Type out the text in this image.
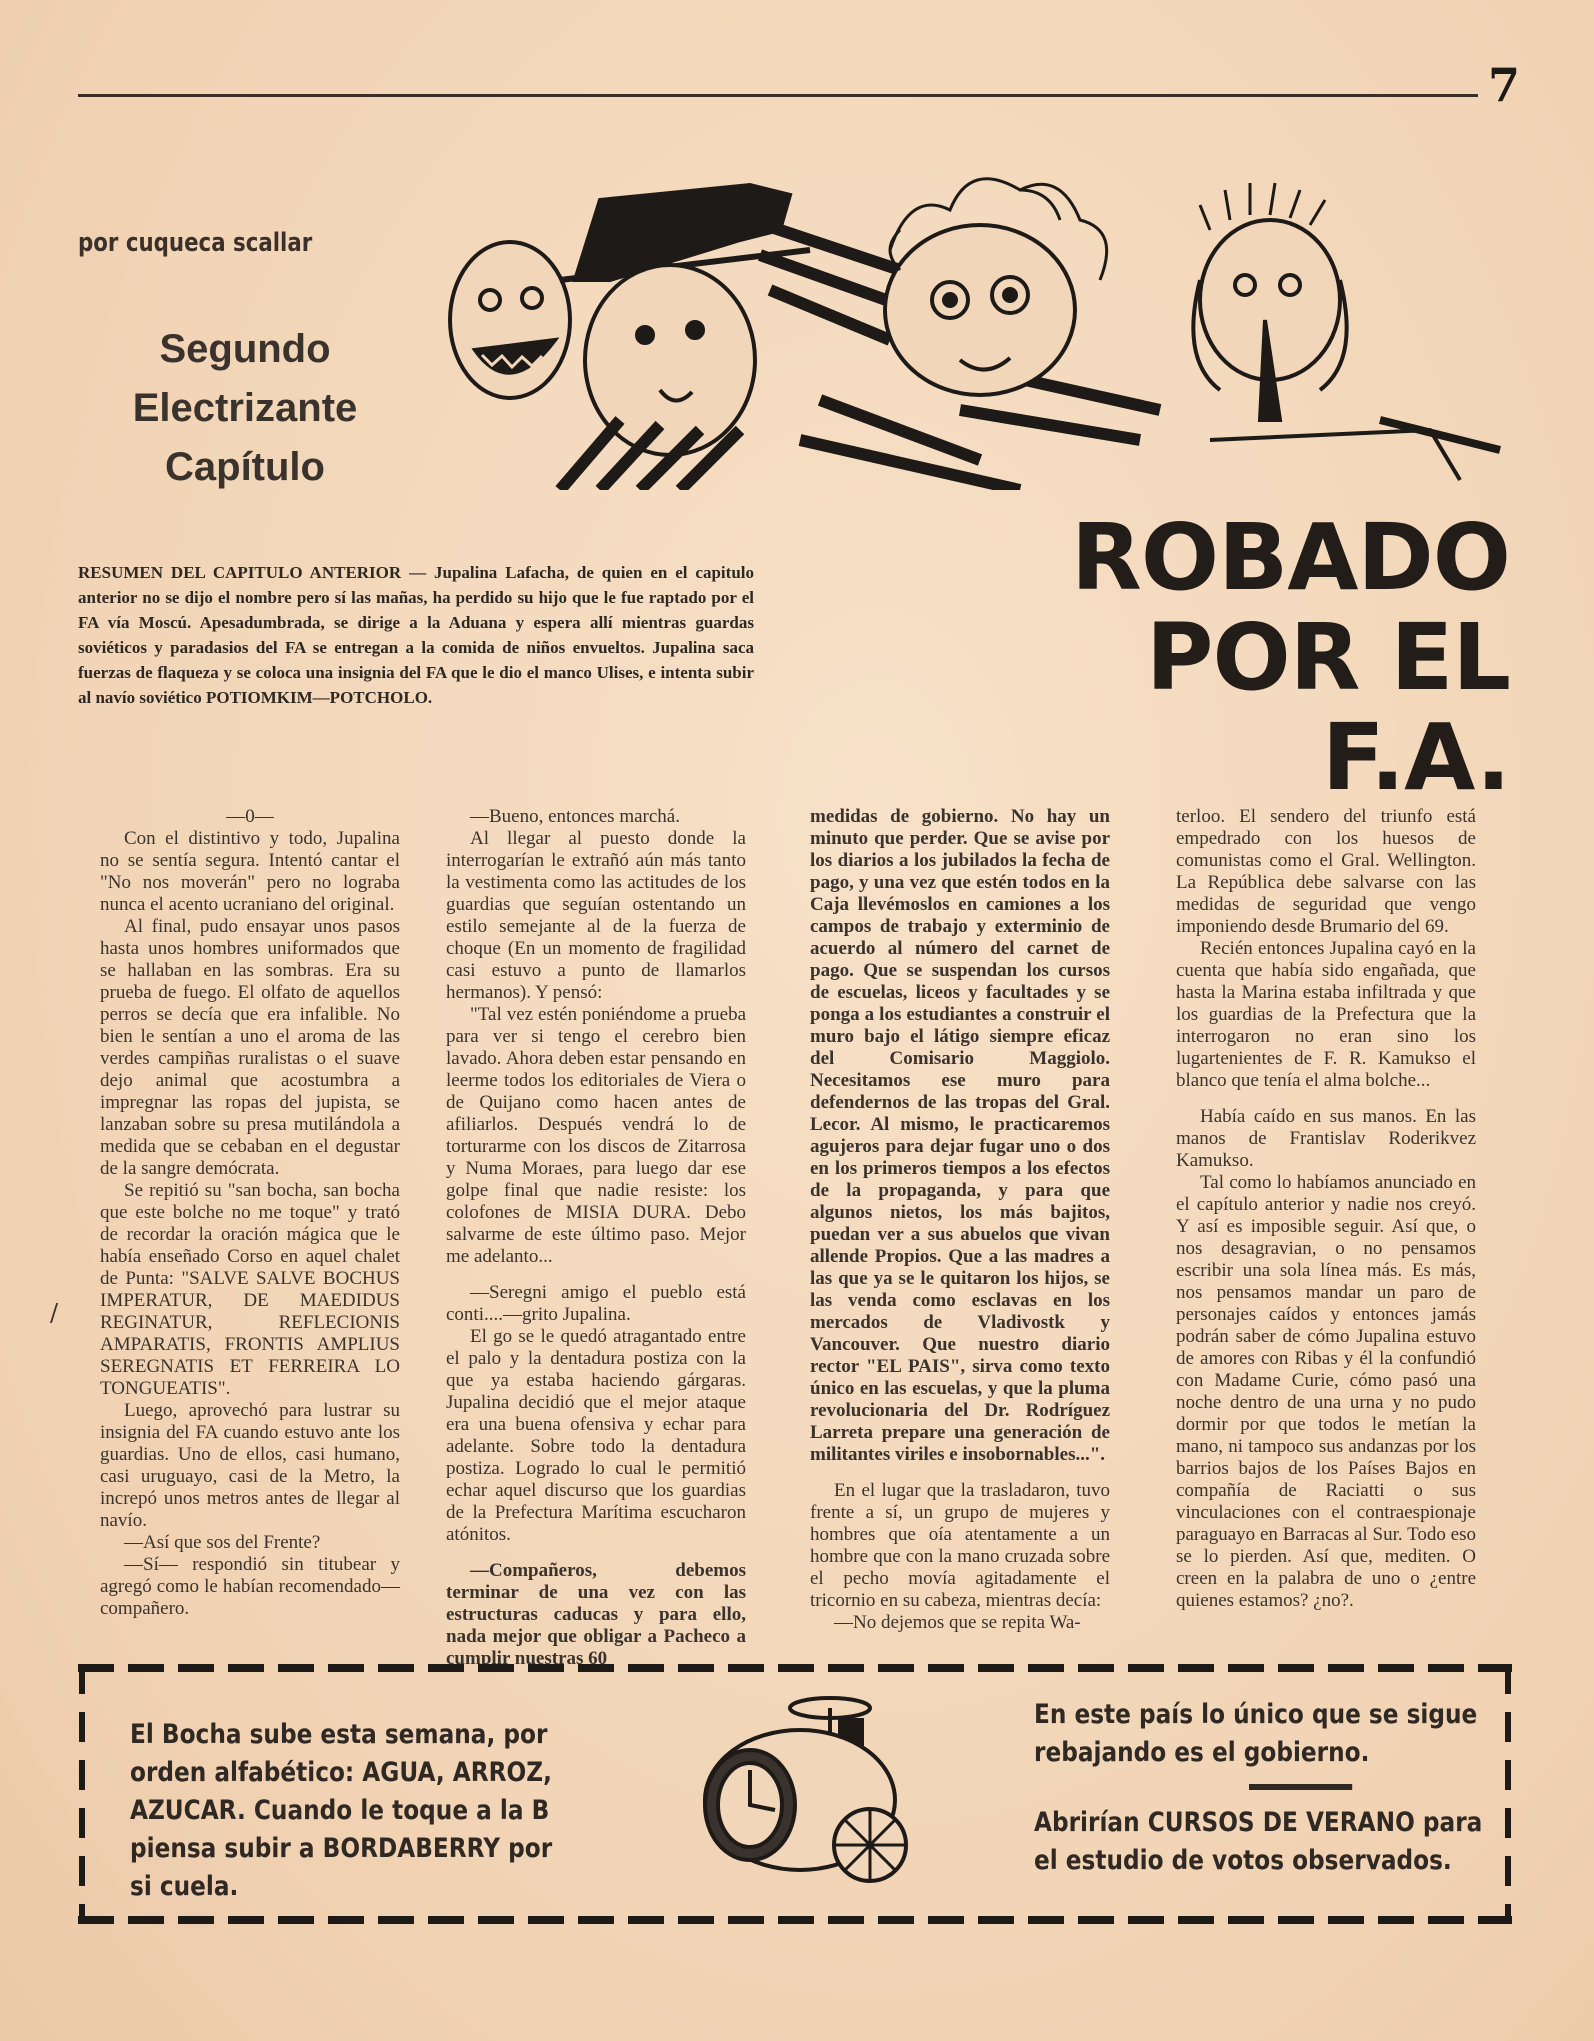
7
por cuqueca scallar
Segundo
Electrizante
Capítulo
/
ROBADO
POR EL F.A.
RESUMEN DEL CAPITULO ANTERIOR — Jupalina Lafacha, de quien en el capitulo anterior no se dijo el nombre pero sí las mañas, ha perdido su hijo que le fue raptado por el FA vía Moscú. Apesadumbrada, se dirige a la Aduana y espera allí mientras guardas soviéticos y paradasios del FA se entregan a la comida de niños envueltos. Jupalina saca fuerzas de flaqueza y se coloca una insignia del FA que le dio el manco Ulises, e intenta subir al navío soviético POTIOMKIM—POTCHOLO.

—0—

Con el distintivo y todo, Jupalina no se sentía segura. Intentó cantar el "No nos moverán" pero no lograba nunca el acento ucraniano del original.

Al final, pudo ensayar unos pasos hasta unos hombres uniformados que se hallaban en las sombras. Era su prueba de fuego. El olfato de aquellos perros se decía que era infalible. No bien le sentían a uno el aroma de las verdes campiñas ruralistas o el suave dejo animal que acostumbra a impregnar las ropas del jupista, se lanzaban sobre su presa mutilándola a medida que se cebaban en el degustar de la sangre demócrata.

Se repitió su "san bocha, san bocha que este bolche no me toque" y trató de recordar la oración mágica que le había enseñado Corso en aquel chalet de Punta: "SALVE SALVE BOCHUS IMPERATUR, DE MAEDIDUS REGINATUR, REFLECIONIS AMPARATIS, FRONTIS AMPLIUS SEREGNATIS ET FERREIRA LO TONGUEATIS".

Luego, aprovechó para lustrar su insignia del FA cuando estuvo ante los guardias. Uno de ellos, casi humano, casi uruguayo, casi de la Metro, la increpó unos metros antes de llegar al navío.

—Así que sos del Frente?

—Sí— respondió sin titubear y agregó como le habían recomendado— compañero.

—Bueno, entonces marchá.

Al llegar al puesto donde la interrogarían le extrañó aún más tanto la vestimenta como las actitudes de los guardias que seguían ostentando un estilo semejante al de la fuerza de choque (En un momento de fragilidad casi estuvo a punto de llamarlos hermanos). Y pensó:

"Tal vez estén poniéndome a prueba para ver si tengo el cerebro bien lavado. Ahora deben estar pensando en leerme todos los editoriales de Viera o de Quijano como hacen antes de afiliarlos. Después vendrá lo de torturarme con los discos de Zitarrosa y Numa Moraes, para luego dar ese golpe final que nadie resiste: los colofones de MISIA DURA. Debo salvarme de este último paso. Mejor me adelanto...

—Seregni amigo el pueblo está conti....—grito Jupalina.

El go se le quedó atragantado entre el palo y la dentadura postiza con la que ya estaba haciendo gárgaras. Jupalina decidió que el mejor ataque era una buena ofensiva y echar para adelante. Sobre todo la dentadura postiza. Logrado lo cual le permitió echar aquel discurso que los guardias de la Prefectura Marítima escucharon atónitos.

—Compañeros, debemos terminar de una vez con las estructuras caducas y para ello, nada mejor que obligar a Pacheco a cumplir nuestras 60

medidas de gobierno. No hay un minuto que perder. Que se avise por los diarios a los jubilados la fecha de pago, y una vez que estén todos en la Caja llevémoslos en camiones a los campos de trabajo y exterminio de acuerdo al número del carnet de pago. Que se suspendan los cursos de escuelas, liceos y facultades y se ponga a los estudiantes a construir el muro bajo el látigo siempre eficaz del Comisario Maggiolo. Necesitamos ese muro para defendernos de las tropas del Gral. Lecor. Al mismo, le practicaremos agujeros para dejar fugar uno o dos en los primeros tiempos a los efectos de la propaganda, y para que algunos nietos, los más bajitos, puedan ver a sus abuelos que vivan allende Propios. Que a las madres a las que ya se le quitaron los hijos, se las venda como esclavas en los mercados de Vladivostk y Vancouver. Que nuestro diario rector "EL PAIS", sirva como texto único en las escuelas, y que la pluma revolucionaria del Dr. Rodríguez Larreta prepare una generación de militantes viriles e insobornables...".

En el lugar que la trasladaron, tuvo frente a sí, un grupo de mujeres y hombres que oía atentamente a un hombre que con la mano cruzada sobre el pecho movía agitadamente el tricornio en su cabeza, mientras decía:

—No dejemos que se repita Wa-

terloo. El sendero del triunfo está empedrado con los huesos de comunistas como el Gral. Wellington. La República debe salvarse con las medidas de seguridad que vengo imponiendo desde Brumario del 69.

Recién entonces Jupalina cayó en la cuenta que había sido engañada, que hasta la Marina estaba infiltrada y que los guardias de la Prefectura que la interrogaron no eran sino los lugartenientes de F. R. Kamukso el blanco que tenía el alma bolche...

Había caído en sus manos. En las manos de Frantislav Roderikvez Kamukso.

Tal como lo habíamos anunciado en el capítulo anterior y nadie nos creyó. Y así es imposible seguir. Así que, o nos desagravian, o no pensamos escribir una sola línea más. Es más, nos pensamos mandar un paro de personajes caídos y entonces jamás podrán saber de cómo Jupalina estuvo de amores con Ribas y él la confundió con Madame Curie, cómo pasó una noche dentro de una urna y no pudo dormir por que todos le metían la mano, ni tampoco sus andanzas por los barrios bajos de los Países Bajos en compañía de Raciatti o sus vinculaciones con el contraespionaje paraguayo en Barracas al Sur. Todo eso se lo pierden. Así que, mediten. O creen en la palabra de uno o ¿entre quienes estamos? ¿no?.

El Bocha sube esta semana, por orden alfabético: AGUA, ARROZ, AZUCAR. Cuando le toque a la B piensa subir a BORDABERRY por si cuela.
En este país lo único que se sigue rebajando es el gobierno.
Abrirían CURSOS DE VERANO para el estudio de votos observados.
